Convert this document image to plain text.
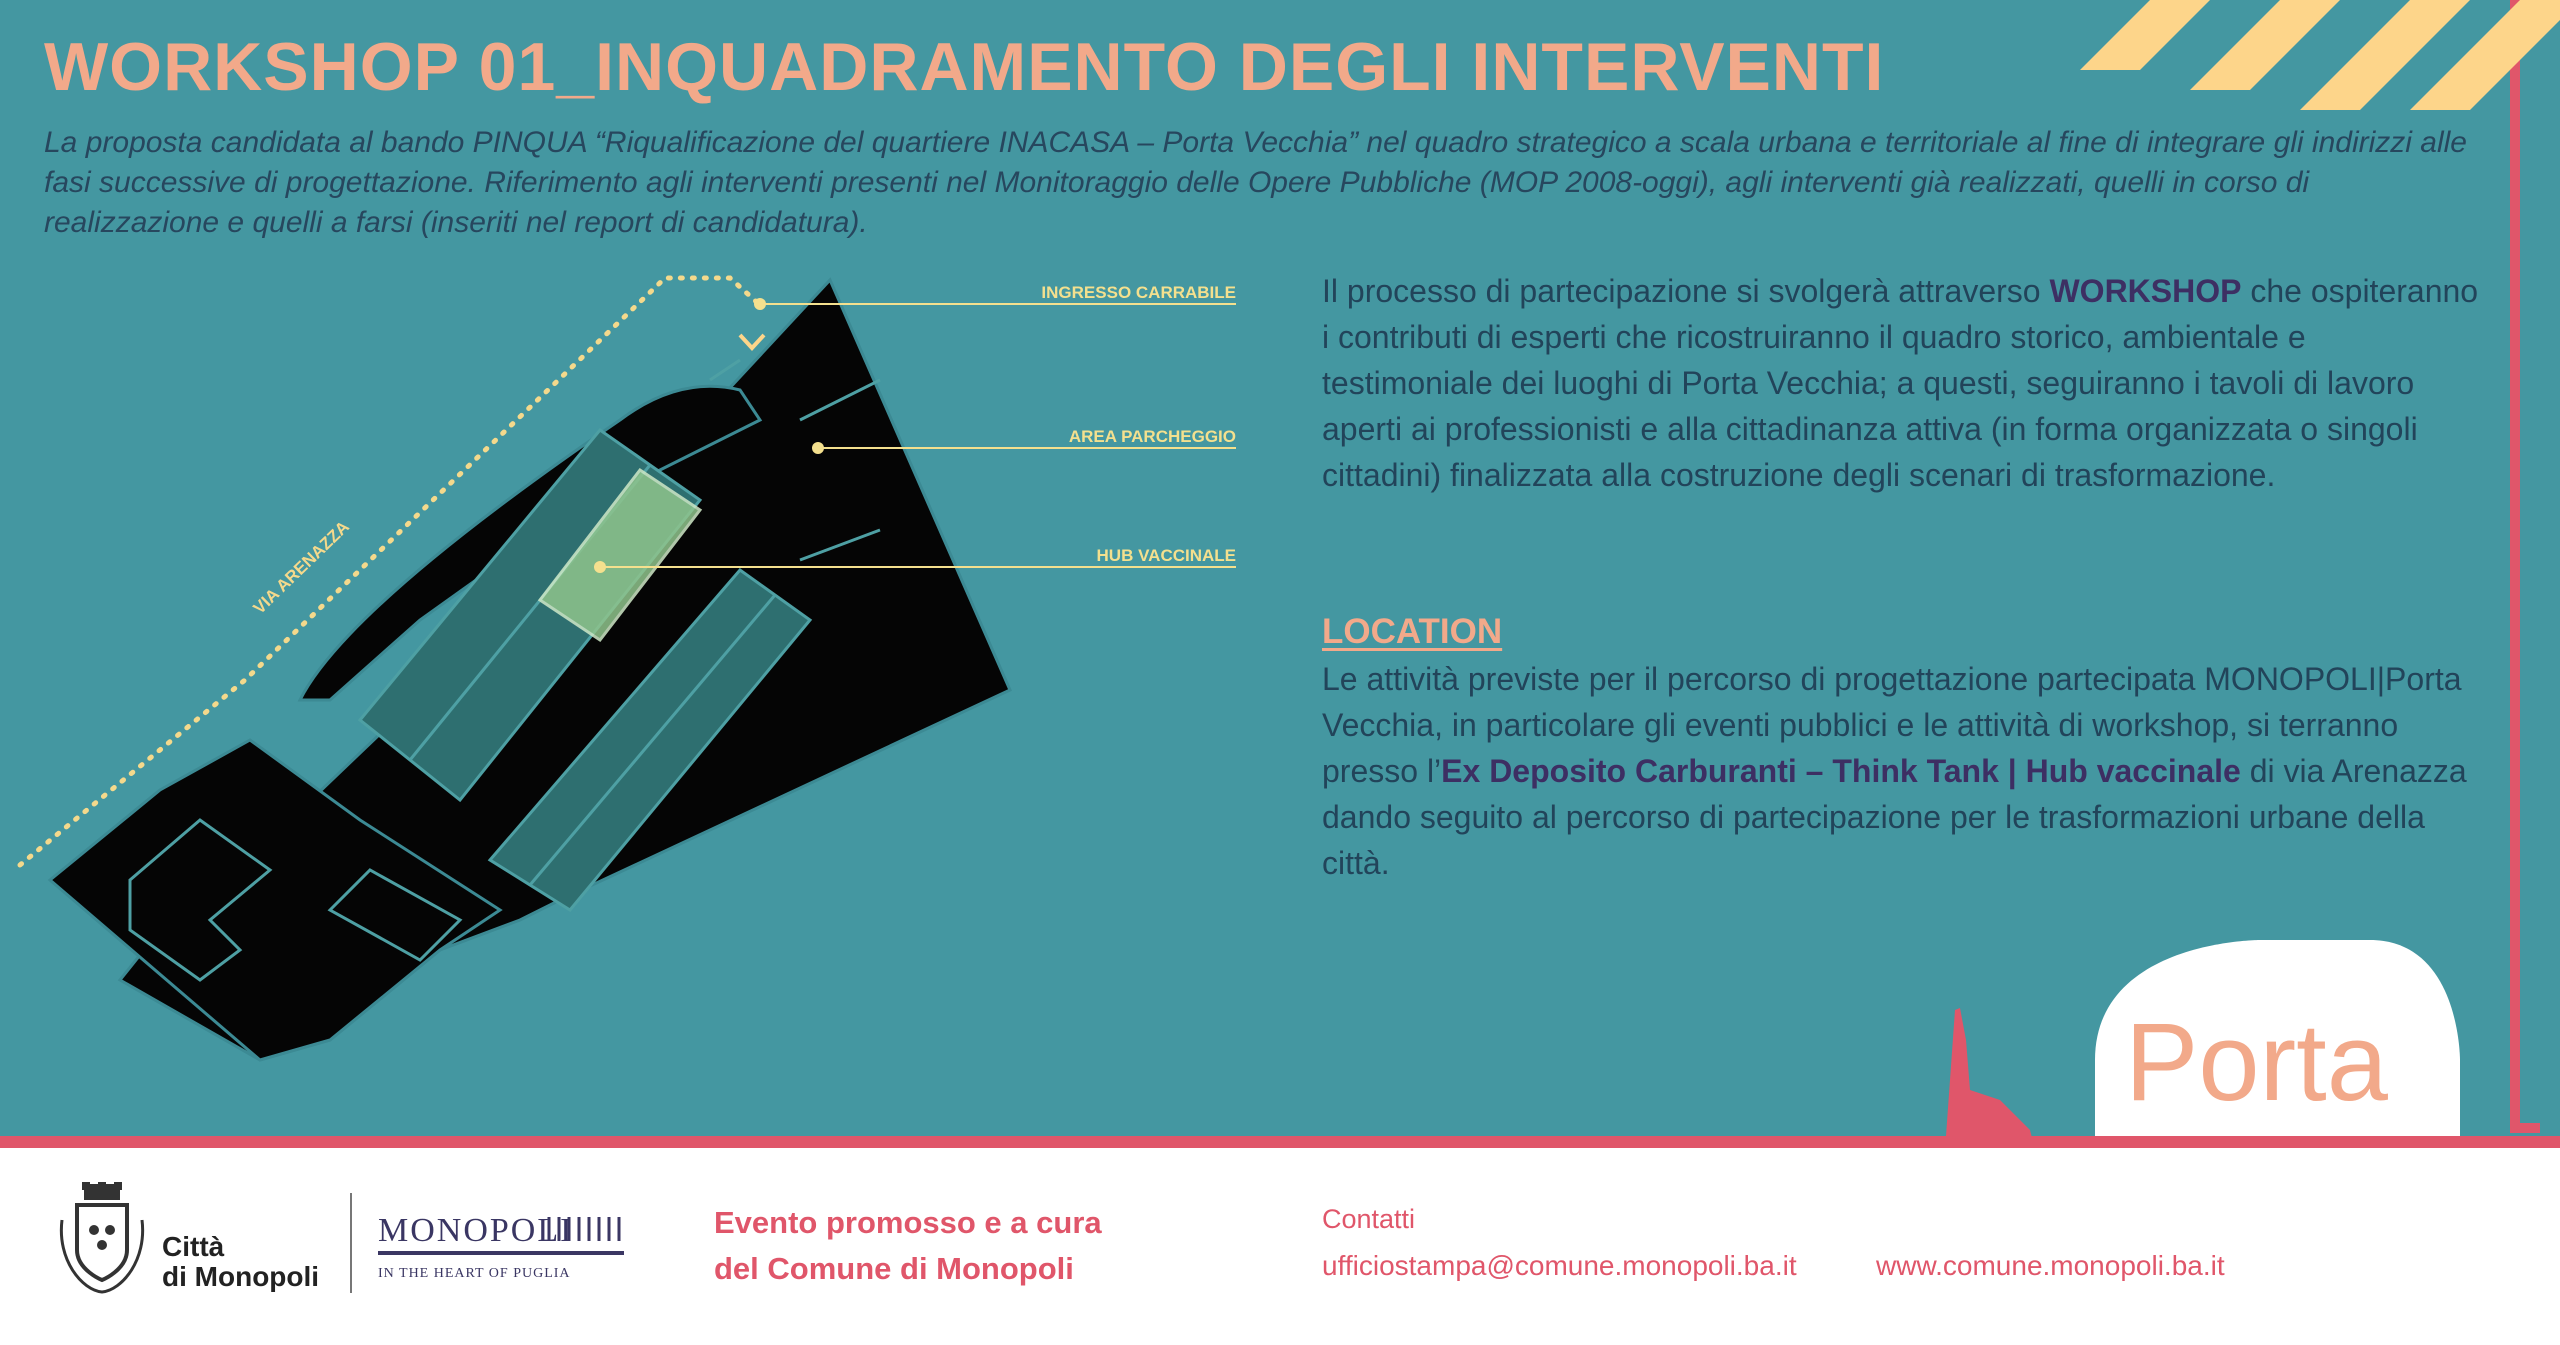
WORKSHOP 01_INQUADRAMENTO DEGLI INTERVENTI
La proposta candidata al bando PINQUA “Riqualificazione del quartiere INACASA – Porta Vecchia” nel quadro strategico a scala urbana e territoriale al fine di integrare gli indirizzi alle fasi successive di progettazione. Riferimento agli interventi presenti nel Monitoraggio delle Opere Pubbliche (MOP 2008-oggi), agli interventi già realizzati, quelli in corso di realizzazione e quelli a farsi (inseriti nel report di candidatura).
VIA ARENAZZA
INGRESSO CARRABILE
AREA PARCHEGGIO
HUB VACCINALE
Il processo di partecipazione si svolgerà attraverso WORKSHOP che ospiteranno i contributi di esperti che ricostruiranno il quadro storico, ambientale e testimoniale dei luoghi di Porta Vecchia; a questi, seguiranno i tavoli di lavoro aperti ai professionisti e alla cittadinanza attiva (in forma organizzata o singoli cittadini) finalizzata alla costruzione degli scenari di trasformazione.
LOCATION
Le attività previste per il percorso di progettazione partecipata MONOPOLI|Porta Vecchia, in particolare gli eventi pubblici e le attività di workshop, si terranno presso l’Ex Deposito Carburanti – Think Tank | Hub vaccinale di via Arenazza dando seguito al percorso di partecipazione per le trasformazioni urbane della città.
Porta
Città
di Monopoli
MONOPOLI
IN THE HEART OF PUGLIA
Evento promosso e a cura
del Comune di Monopoli
Contatti
ufficiostampa@comune.monopoli.ba.it	www.comune.monopoli.ba.it
